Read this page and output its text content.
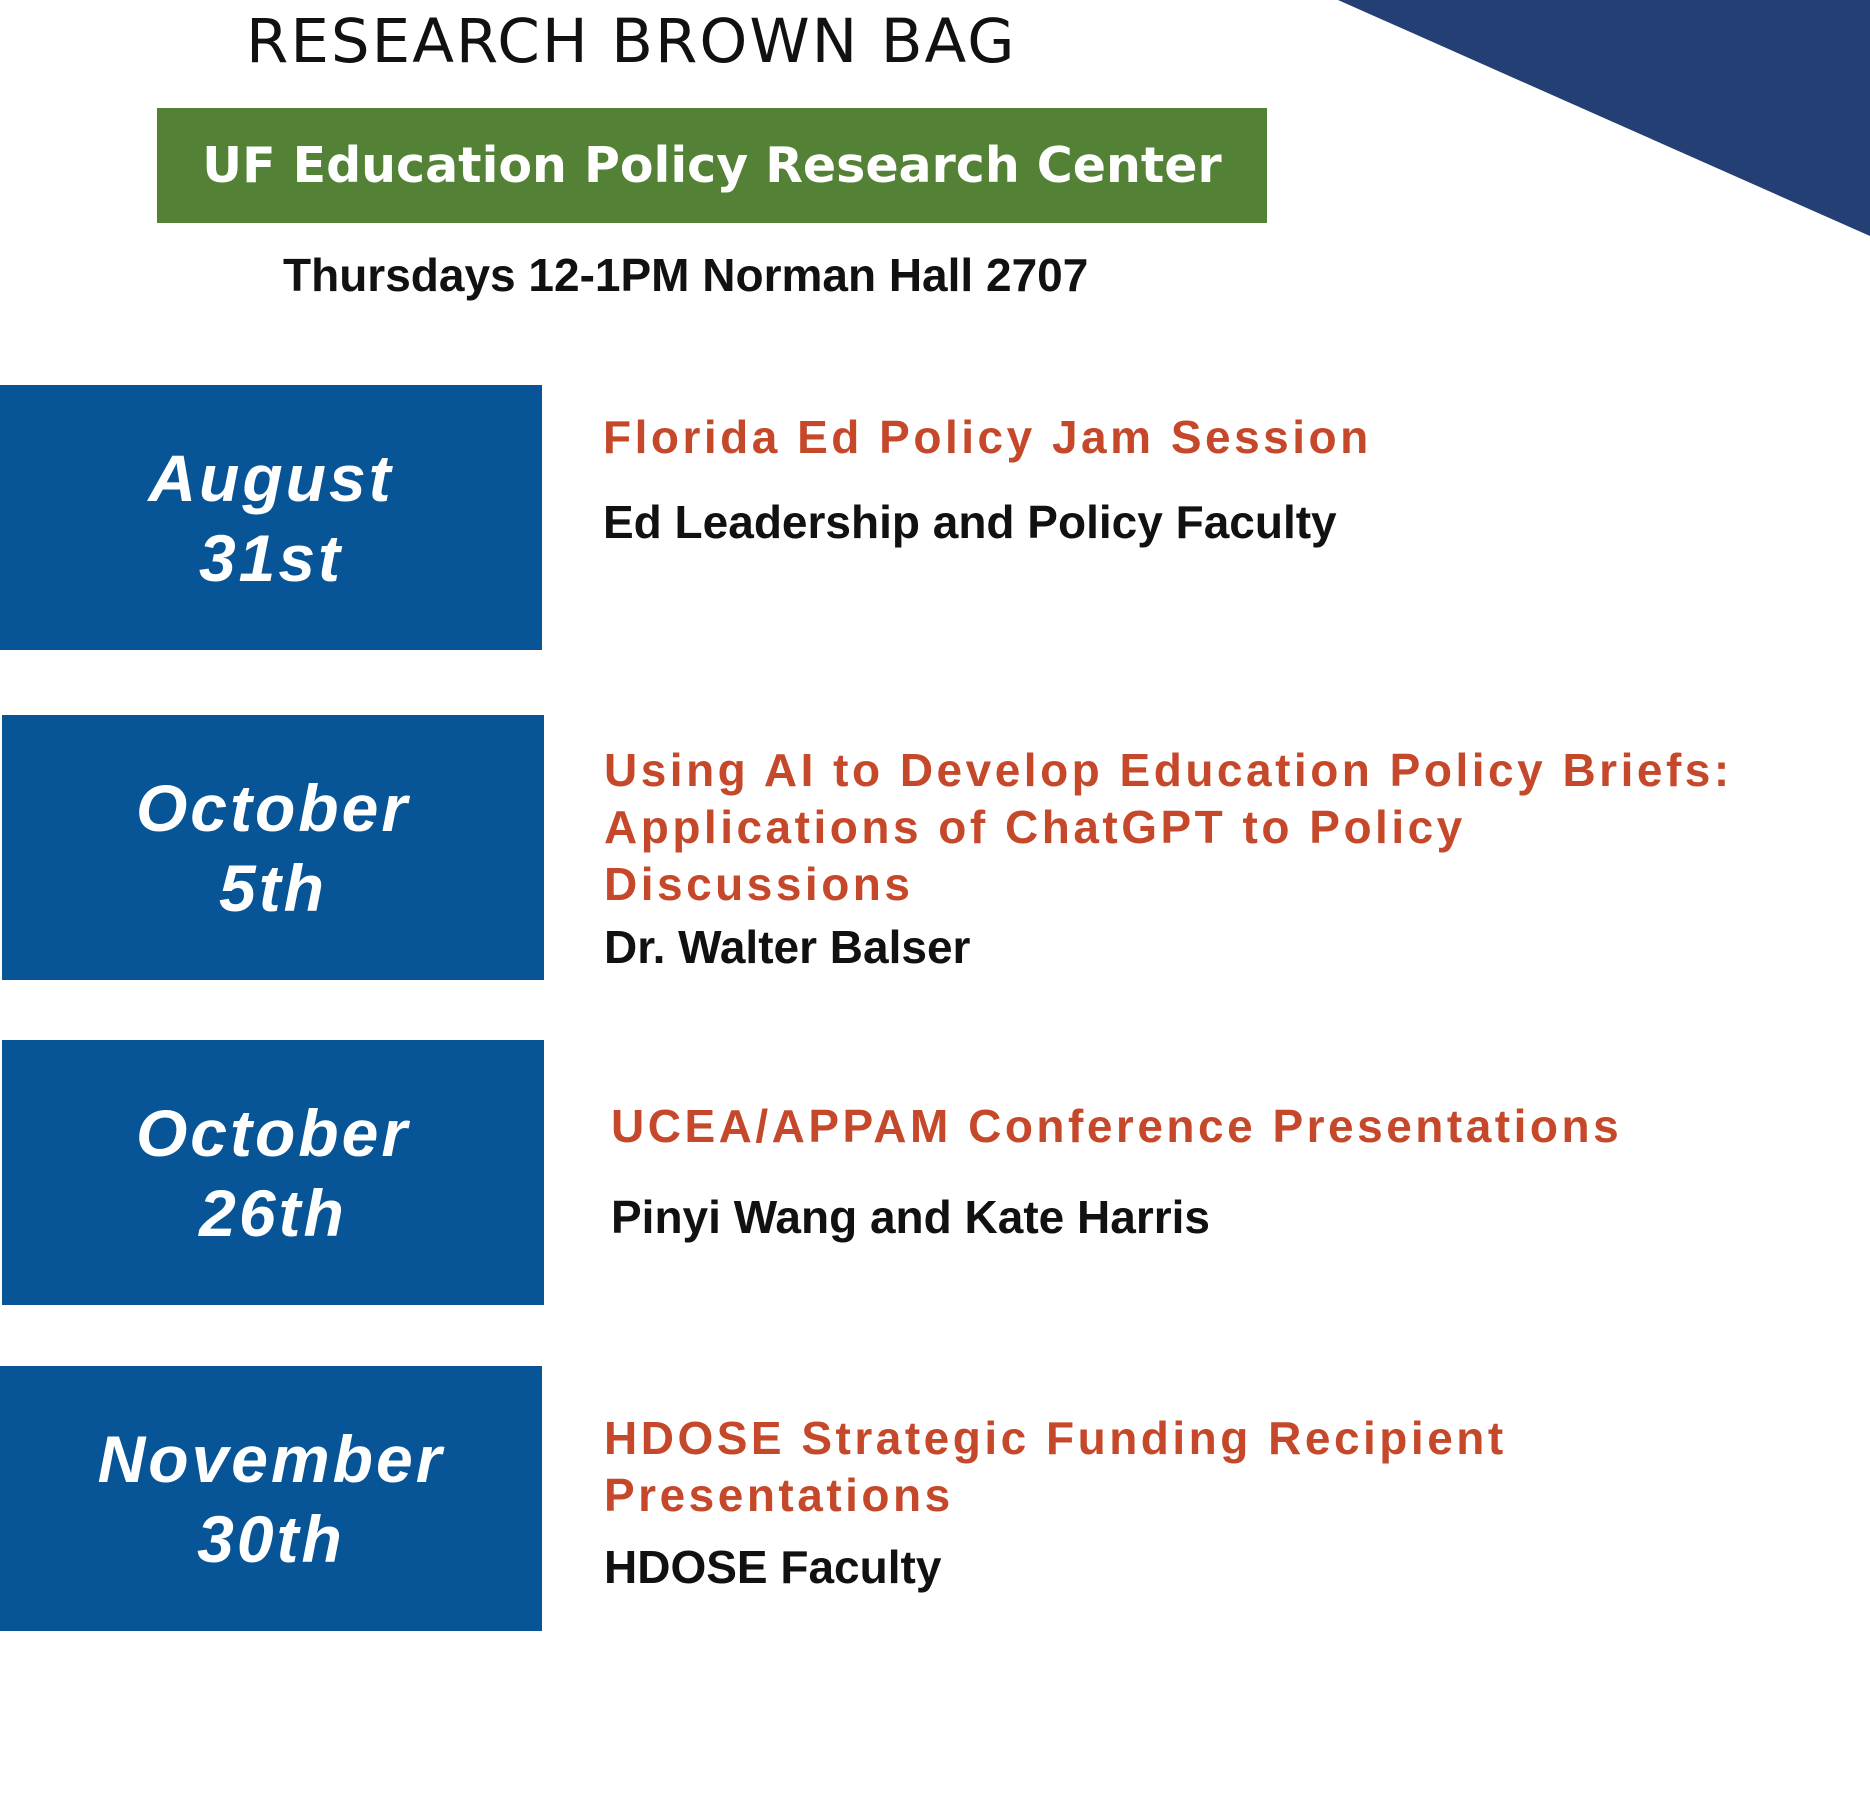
RESEARCH BROWN BAG
UF Education Policy Research Center
Thursdays 12-1PM Norman Hall 2707
August
31st
Florida Ed Policy Jam Session
Ed Leadership and Policy Faculty
October
5th
Using AI to Develop Education Policy Briefs:
Applications of ChatGPT to Policy
Discussions
Dr. Walter Balser
October
26th
UCEA/APPAM Conference Presentations
Pinyi Wang and Kate Harris
November
30th
HDOSE Strategic Funding Recipient
Presentations
HDOSE Faculty
